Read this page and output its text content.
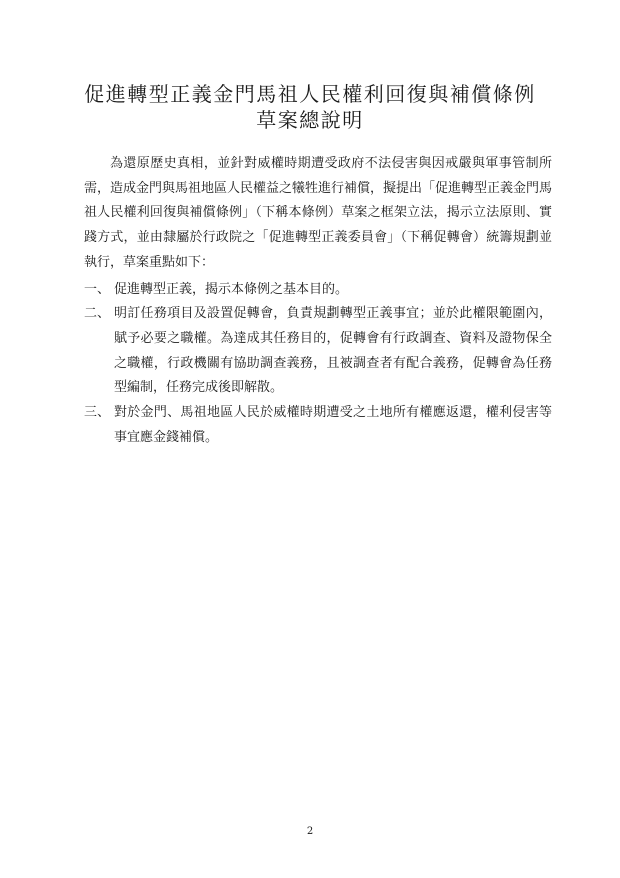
促進轉型正義金門馬祖人民權利回復與補償條例
草案總說明

為還原歷史真相，並針對威權時期遭受政府不法侵害與因戒嚴與軍事管制所需，造成金門與馬祖地區人民權益之犧牲進行補償，擬提出「促進轉型正義金門馬祖人民權利回復與補償條例」（下稱本條例）草案之框架立法，揭示立法原則、實踐方式，並由隸屬於行政院之「促進轉型正義委員會」（下稱促轉會）統籌規劃並執行，草案重點如下：

一、 促進轉型正義，揭示本條例之基本目的。
二、 明訂任務項目及設置促轉會，負責規劃轉型正義事宜；並於此權限範圍內，賦予必要之職權。為達成其任務目的，促轉會有行政調查、資料及證物保全之職權，行政機關有協助調查義務，且被調查者有配合義務，促轉會為任務型編制，任務完成後即解散。
三、 對於金門、馬祖地區人民於威權時期遭受之土地所有權應返還，權利侵害等事宜應金錢補償。
2
